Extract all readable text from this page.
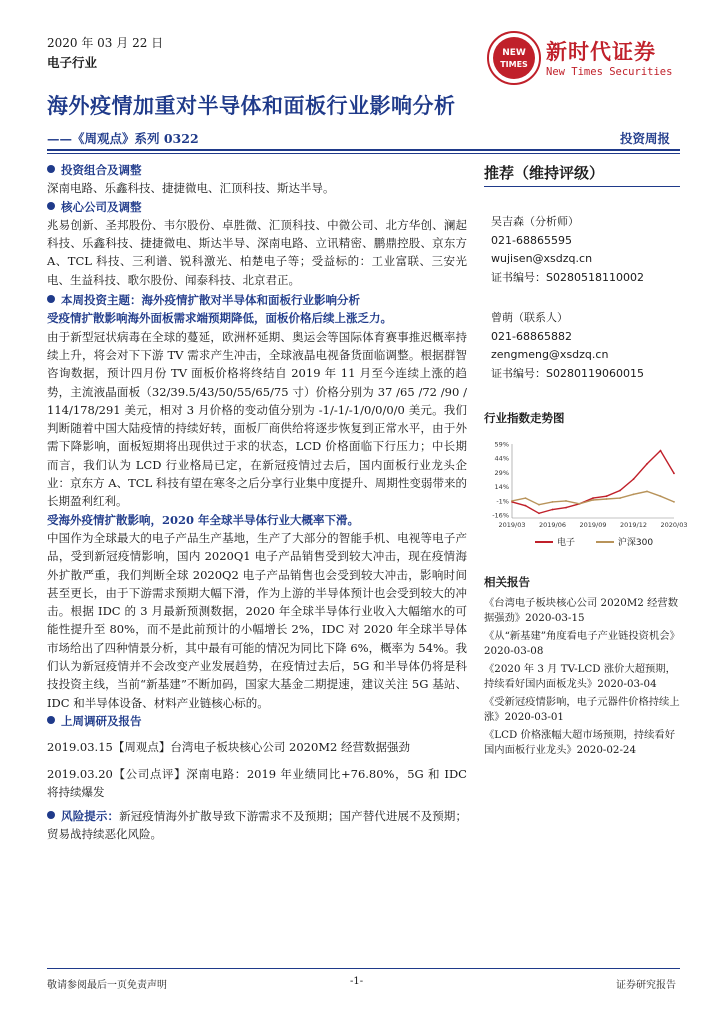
2020 年 03 月 22 日
电子行业
NEW
TIMES
新时代证券
New Times Securities
海外疫情加重对半导体和面板行业影响分析
——《周观点》系列 0322	投资周报
投资组合及调整

深南电路、乐鑫科技、捷捷微电、汇顶科技、斯达半导。

核心公司及调整

兆易创新、圣邦股份、韦尔股份、卓胜微、汇顶科技、中微公司、北方华创、澜起科技、乐鑫科技、捷捷微电、斯达半导、深南电路、立讯精密、鹏鼎控股、京东方 A、TCL 科技、三利谱、锐科激光、柏楚电子等；受益标的：工业富联、三安光电、生益科技、歌尔股份、闻泰科技、北京君正。

本周投资主题：海外疫情扩散对半导体和面板行业影响分析

受疫情扩散影响海外面板需求端预期降低，面板价格后续上涨乏力。

由于新型冠状病毒在全球的蔓延，欧洲杯延期、奥运会等国际体育赛事推迟概率持续上升，将会对下下游 TV 需求产生冲击，全球液晶电视备货面临调整。根据群智咨询数据，预计四月份 TV 面板价格将终结自 2019 年 11 月至今连续上涨的趋势，主流液晶面板（32/39.5/43/50/55/65/75 寸）价格分别为 37 /65 /72 /90 / 114/178/291 美元，相对 3 月价格的变动值分别为 -1/-1/-1/0/0/0/0 美元。我们判断随着中国大陆疫情的持续好转，面板厂商供给将逐步恢复到正常水平，由于外需下降影响，面板短期将出现供过于求的状态，LCD 价格面临下行压力；中长期而言，我们认为 LCD 行业格局已定，在新冠疫情过去后，国内面板行业龙头企业：京东方 A、TCL 科技有望在寒冬之后分享行业集中度提升、周期性变弱带来的长期盈利红利。

受海外疫情扩散影响，2020 年全球半导体行业大概率下滑。

中国作为全球最大的电子产品生产基地，生产了大部分的智能手机、电视等电子产品，受到新冠疫情影响，国内 2020Q1 电子产品销售受到较大冲击，现在疫情海外扩散严重，我们判断全球 2020Q2 电子产品销售也会受到较大冲击，影响时间甚至更长，由于下游需求预期大幅下滑，作为上游的半导体预计也会受到较大的冲击。根据 IDC 的 3 月最新预测数据，2020 年全球半导体行业收入大幅缩水的可能性提升至 80%，而不是此前预计的小幅增长 2%，IDC 对 2020 年全球半导体市场给出了四种情景分析，其中最有可能的情况为同比下降 6%，概率为 54%。我们认为新冠疫情并不会改变产业发展趋势，在疫情过去后，5G 和半导体仍将是科技投资主线，当前“新基建”不断加码，国家大基金二期提速，建议关注 5G 基站、IDC 和半导体设备、材料产业链核心标的。

上周调研及报告

2019.03.15【周观点】台湾电子板块核心公司 2020M2 经营数据强劲

2019.03.20【公司点评】深南电路：2019 年业绩同比+76.80%，5G 和 IDC 将持续爆发

风险提示：新冠疫情海外扩散导致下游需求不及预期；国产替代进展不及预期；贸易战持续恶化风险。

推荐（维持评级）
吴吉森（分析师）
021-68865595
wujisen@xsdzq.cn
证书编号：S0280518110002
曾萌（联系人）
021-68865882
zengmeng@xsdzq.cn
证书编号：S0280119060015
行业指数走势图
59%
44%
29%
14%
-1%
-16%
2019/03 2019/06 2019/09 2019/12 2020/03
电子	沪深300
相关报告

《台湾电子板块核心公司 2020M2 经营数据强劲》2020-03-15

《从“新基建”角度看电子产业链投资机会》2020-03-08

《2020 年 3 月 TV-LCD 涨价大超预期，持续看好国内面板龙头》2020-03-04

《受新冠疫情影响，电子元器件价格持续上涨》2020-03-01

《LCD 价格涨幅大超市场预期，持续看好国内面板行业龙头》2020-02-24

敬请参阅最后一页免责声明	-1-	证券研究报告
